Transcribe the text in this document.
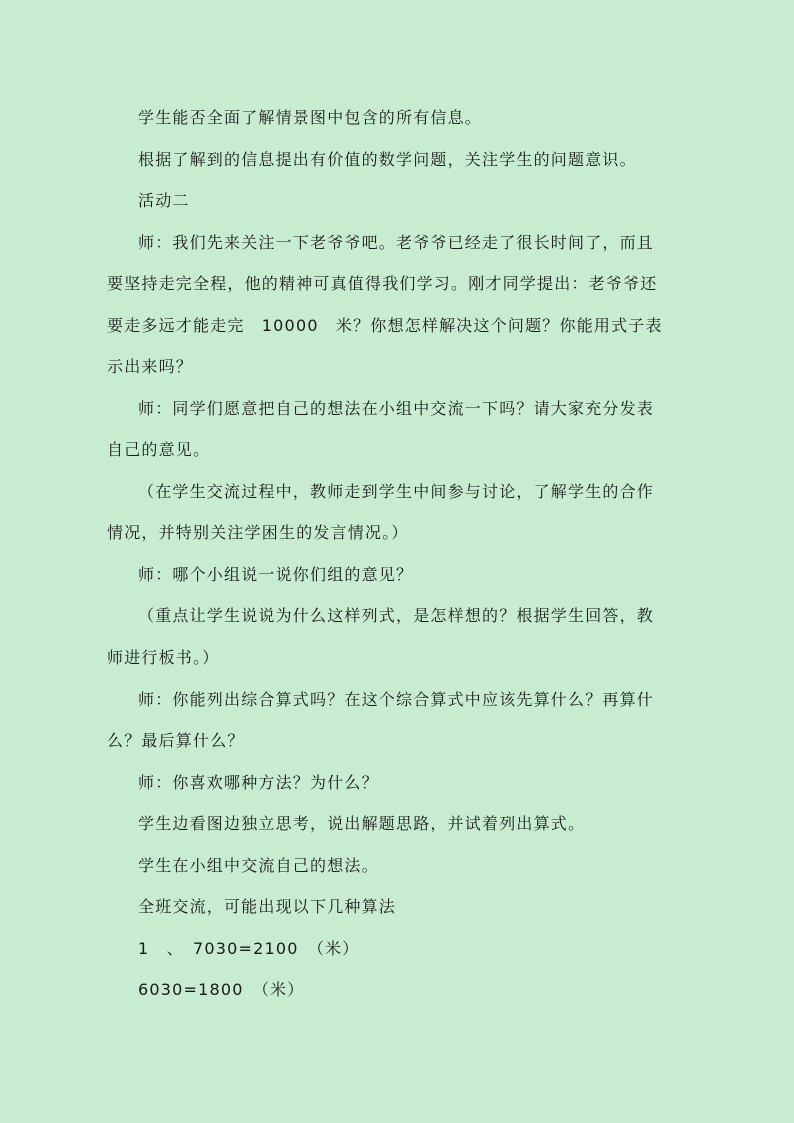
学生能否全面了解情景图中包含的所有信息。
根据了解到的信息提出有价值的数学问题，关注学生的问题意识。
活动二
师：我们先来关注一下老爷爷吧。老爷爷已经走了很长时间了，而且
要坚持走完全程，他的精神可真值得我们学习。刚才同学提出：老爷爷还
要走多远才能走完　10000　米？你想怎样解决这个问题？你能用式子表
示出来吗？
师：同学们愿意把自己的想法在小组中交流一下吗？请大家充分发表
自己的意见。
（在学生交流过程中，教师走到学生中间参与讨论，了解学生的合作
情况，并特别关注学困生的发言情况。）
师：哪个小组说一说你们组的意见？
（重点让学生说说为什么这样列式，是怎样想的？根据学生回答，教
师进行板书。）
师：你能列出综合算式吗？在这个综合算式中应该先算什么？再算什
么？最后算什么？
师：你喜欢哪种方法？为什么？
学生边看图边独立思考，说出解题思路，并试着列出算式。
学生在小组中交流自己的想法。
全班交流，可能出现以下几种算法
1　、　7030=2100　（米）
6030=1800　（米）
